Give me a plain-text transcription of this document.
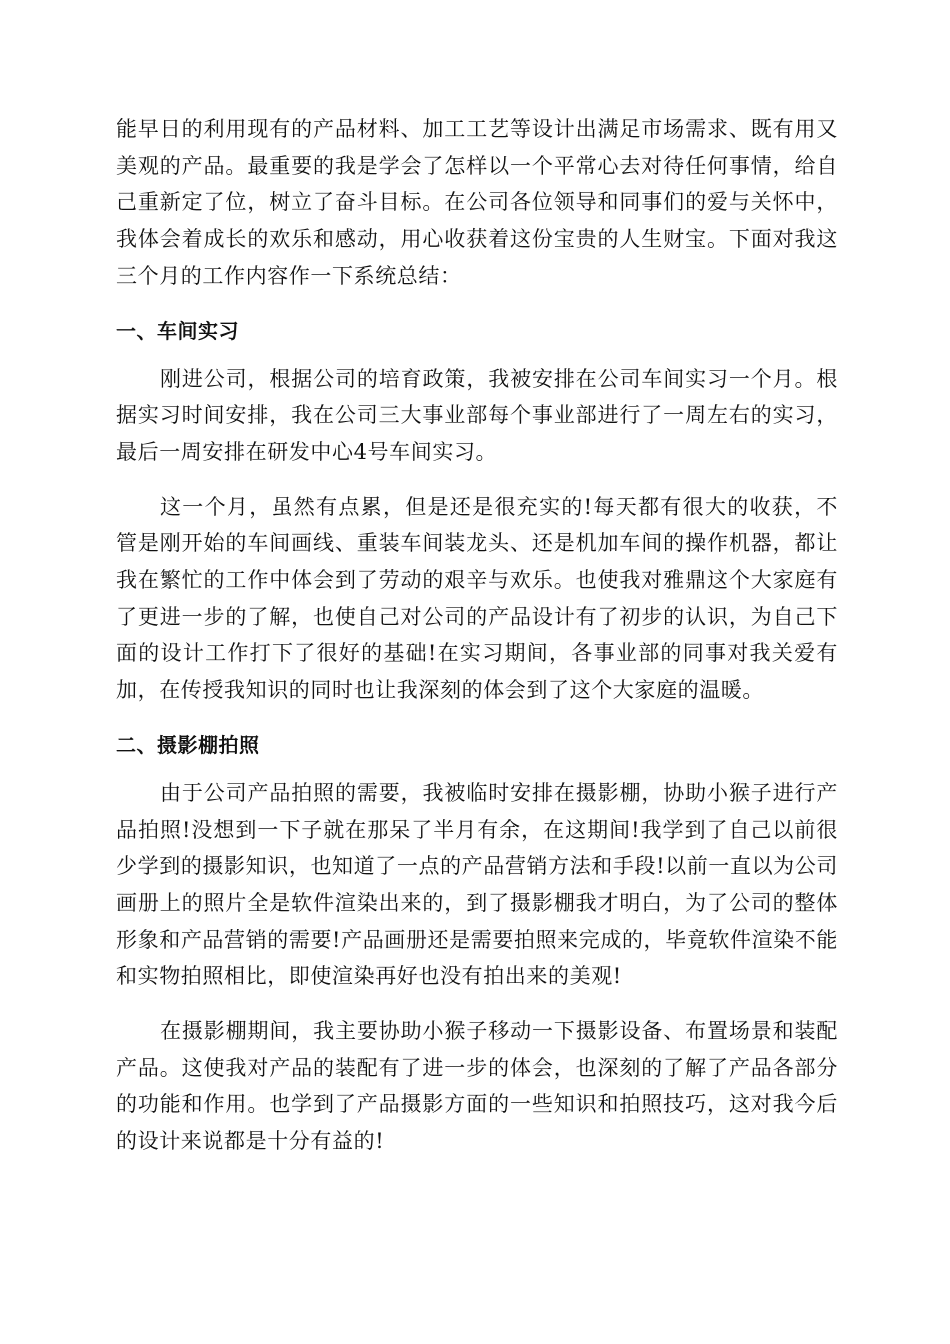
能早日的利用现有的产品材料、加工工艺等设计出满足市场需求、既有用又美观的产品。最重要的我是学会了怎样以一个平常心去对待任何事情，给自己重新定了位，树立了奋斗目标。在公司各位领导和同事们的爱与关怀中，我体会着成长的欢乐和感动，用心收获着这份宝贵的人生财宝。下面对我这三个月的工作内容作一下系统总结：

一、车间实习

刚进公司，根据公司的培育政策，我被安排在公司车间实习一个月。根据实习时间安排，我在公司三大事业部每个事业部进行了一周左右的实习，最后一周安排在研发中心4号车间实习。

这一个月，虽然有点累，但是还是很充实的!每天都有很大的收获，不管是刚开始的车间画线、重装车间装龙头、还是机加车间的操作机器，都让我在繁忙的工作中体会到了劳动的艰辛与欢乐。也使我对雅鼎这个大家庭有了更进一步的了解，也使自己对公司的产品设计有了初步的认识，为自己下面的设计工作打下了很好的基础!在实习期间，各事业部的同事对我关爱有加，在传授我知识的同时也让我深刻的体会到了这个大家庭的温暖。

二、摄影棚拍照

由于公司产品拍照的需要，我被临时安排在摄影棚，协助小猴子进行产品拍照!没想到一下子就在那呆了半月有余，在这期间!我学到了自己以前很少学到的摄影知识，也知道了一点的产品营销方法和手段!以前一直以为公司画册上的照片全是软件渲染出来的，到了摄影棚我才明白，为了公司的整体形象和产品营销的需要!产品画册还是需要拍照来完成的，毕竟软件渲染不能和实物拍照相比，即使渲染再好也没有拍出来的美观!

在摄影棚期间，我主要协助小猴子移动一下摄影设备、布置场景和装配产品。这使我对产品的装配有了进一步的体会，也深刻的了解了产品各部分的功能和作用。也学到了产品摄影方面的一些知识和拍照技巧，这对我今后的设计来说都是十分有益的!
